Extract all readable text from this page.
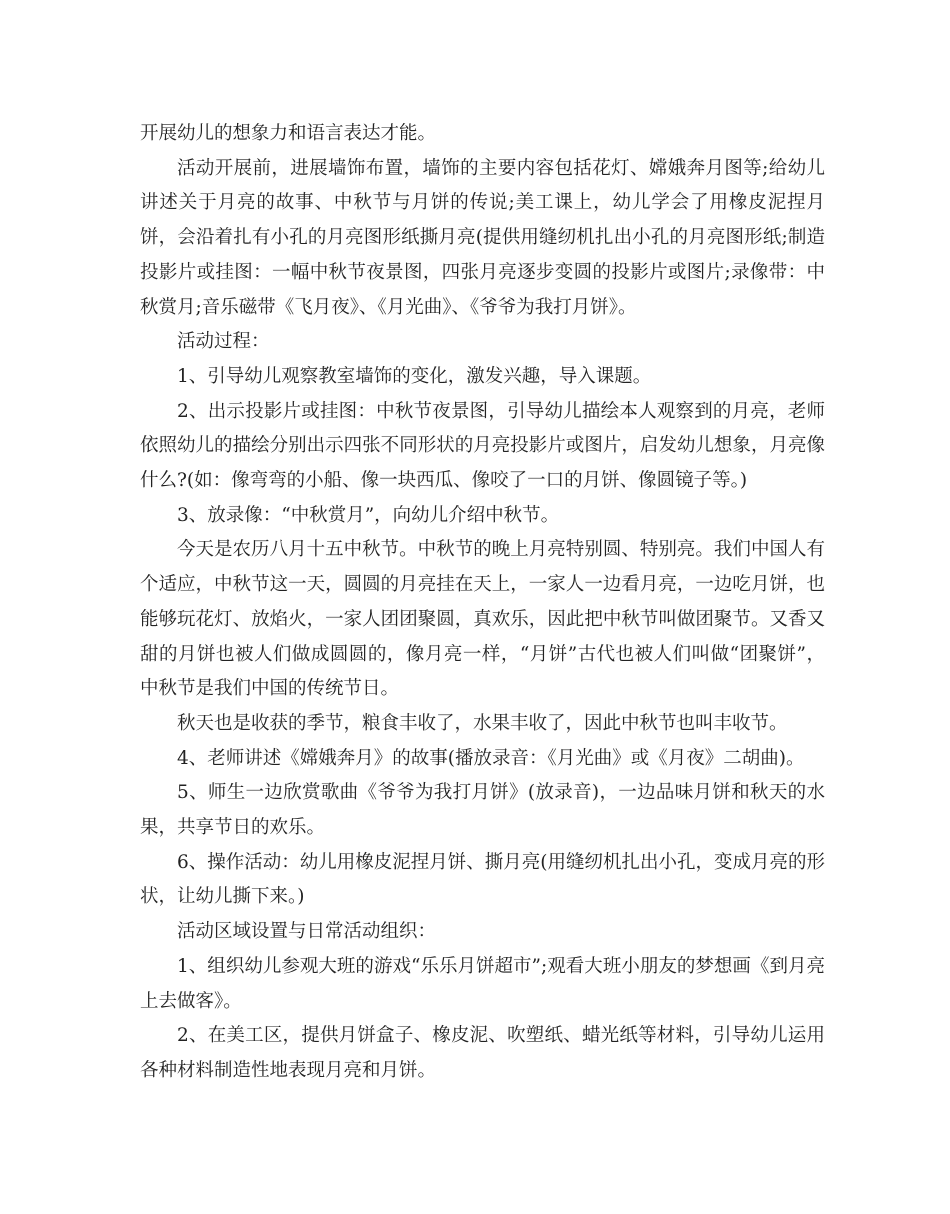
开展幼儿的想象力和语言表达才能。

活动开展前，进展墙饰布置，墙饰的主要内容包括花灯、嫦娥奔月图等;给幼儿讲述关于月亮的故事、中秋节与月饼的传说;美工课上，幼儿学会了用橡皮泥捏月饼，会沿着扎有小孔的月亮图形纸撕月亮(提供用缝纫机扎出小孔的月亮图形纸;制造投影片或挂图：一幅中秋节夜景图，四张月亮逐步变圆的投影片或图片;录像带：中秋赏月;音乐磁带《飞月夜》、《月光曲》、《爷爷为我打月饼》。

活动过程：

1、引导幼儿观察教室墙饰的变化，激发兴趣，导入课题。

2、出示投影片或挂图：中秋节夜景图，引导幼儿描绘本人观察到的月亮，老师依照幼儿的描绘分别出示四张不同形状的月亮投影片或图片，启发幼儿想象，月亮像什么?(如：像弯弯的小船、像一块西瓜、像咬了一口的月饼、像圆镜子等。)

3、放录像：“中秋赏月”，向幼儿介绍中秋节。

今天是农历八月十五中秋节。中秋节的晚上月亮特别圆、特别亮。我们中国人有个适应，中秋节这一天，圆圆的月亮挂在天上，一家人一边看月亮，一边吃月饼，也能够玩花灯、放焰火，一家人团团聚圆，真欢乐，因此把中秋节叫做团聚节。又香又甜的月饼也被人们做成圆圆的，像月亮一样，“月饼”古代也被人们叫做“团聚饼”，中秋节是我们中国的传统节日。

秋天也是收获的季节，粮食丰收了，水果丰收了，因此中秋节也叫丰收节。

4、老师讲述《嫦娥奔月》的故事(播放录音：《月光曲》或《月夜》二胡曲)。

5、师生一边欣赏歌曲《爷爷为我打月饼》(放录音)，一边品味月饼和秋天的水果，共享节日的欢乐。

6、操作活动：幼儿用橡皮泥捏月饼、撕月亮(用缝纫机扎出小孔，变成月亮的形状，让幼儿撕下来。)

活动区域设置与日常活动组织：

1、组织幼儿参观大班的游戏“乐乐月饼超市”;观看大班小朋友的梦想画《到月亮上去做客》。

2、在美工区，提供月饼盒子、橡皮泥、吹塑纸、蜡光纸等材料，引导幼儿运用各种材料制造性地表现月亮和月饼。
